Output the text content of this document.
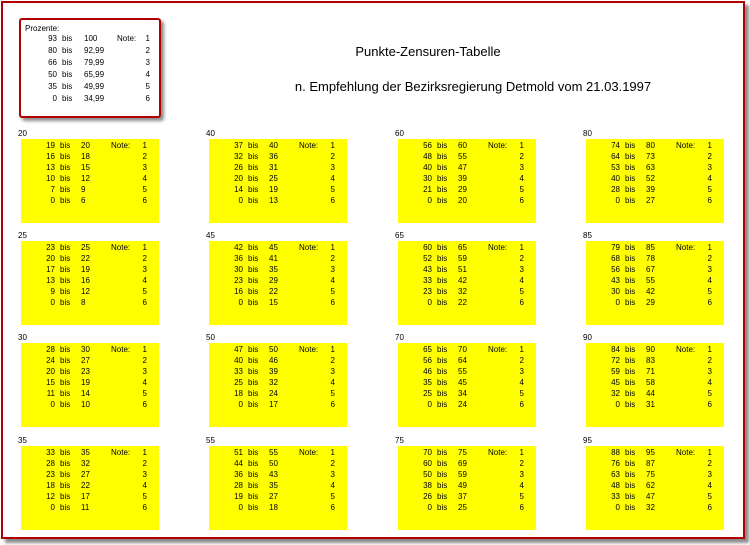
Prozente:
93 bis 100 Note:	1
80 bis 92,99	2
66 bis 79,99	3
50 bis 65,99	4
35 bis 49,99	5
0 bis 34,99	6
Punkte-Zensuren-Tabelle
n. Empfehlung der Bezirksregierung Detmold vom 21.03.1997
20
19 bis 20	Note:	1
16 bis 18	2
13 bis 15	3
10 bis 12	4
7 bis 9	5
0 bis 6	6
40
37 bis 40	Note:	1
32 bis 36	2
26 bis 31	3
20 bis 25	4
14 bis 19	5
0 bis 13	6
60
56 bis 60	Note:	1
48 bis 55	2
40 bis 47	3
30 bis 39	4
21 bis 29	5
0 bis 20	6
80
74 bis 80	Note:	1
64 bis 73	2
53 bis 63	3
40 bis 52	4
28 bis 39	5
0 bis 27	6
25
23 bis 25	Note:	1
20 bis 22	2
17 bis 19	3
13 bis 16	4
9 bis 12	5
0 bis 8	6
45
42 bis 45	Note:	1
36 bis 41	2
30 bis 35	3
23 bis 29	4
16 bis 22	5
0 bis 15	6
65
60 bis 65	Note:	1
52 bis 59	2
43 bis 51	3
33 bis 42	4
23 bis 32	5
0 bis 22	6
85
79 bis 85	Note:	1
68 bis 78	2
56 bis 67	3
43 bis 55	4
30 bis 42	5
0 bis 29	6
30
28 bis 30	Note:	1
24 bis 27	2
20 bis 23	3
15 bis 19	4
11 bis 14	5
0 bis 10	6
50
47 bis 50	Note:	1
40 bis 46	2
33 bis 39	3
25 bis 32	4
18 bis 24	5
0 bis 17	6
70
65 bis 70	Note:	1
56 bis 64	2
46 bis 55	3
35 bis 45	4
25 bis 34	5
0 bis 24	6
90
84 bis 90	Note:	1
72 bis 83	2
59 bis 71	3
45 bis 58	4
32 bis 44	5
0 bis 31	6
35
33 bis 35	Note:	1
28 bis 32	2
23 bis 27	3
18 bis 22	4
12 bis 17	5
0 bis 11	6
55
51 bis 55	Note:	1
44 bis 50	2
36 bis 43	3
28 bis 35	4
19 bis 27	5
0 bis 18	6
75
70 bis 75	Note:	1
60 bis 69	2
50 bis 59	3
38 bis 49	4
26 bis 37	5
0 bis 25	6
95
88 bis 95	Note:	1
76 bis 87	2
63 bis 75	3
48 bis 62	4
33 bis 47	5
0 bis 32	6
